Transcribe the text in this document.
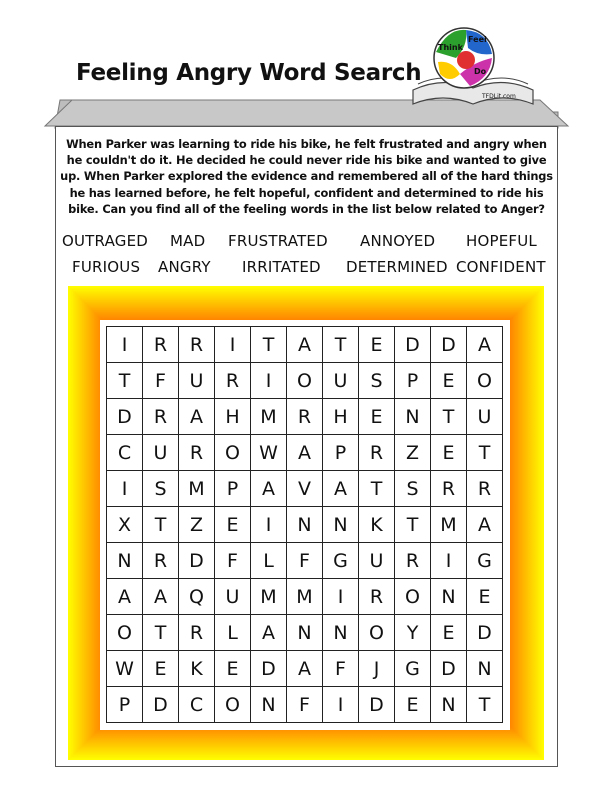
Feeling Angry Word Search
Think
Feel
Do
TFDLit.com
When Parker was learning to ride his bike, he felt frustrated and angry when he couldn't do it. He decided he could never ride his bike and wanted to give up. When Parker explored the evidence and remembered all of the hard things he has learned before, he felt hopeful, confident and determined to ride his bike. Can you find all of the feeling words in the list below related to Anger?
OUTRAGED MAD FRUSTRATED ANNOYED HOPEFUL
FURIOUS ANGRY IRRITATED DETERMINED CONFIDENT
I	R	R	I	T	A	T	E	D	D	A
T	F	U	R	I	O	U	S	P	E	O
D	R	A	H	M	R	H	E	N	T	U
C	U	R	O	W	A	P	R	Z	E	T
I	S	M	P	A	V	A	T	S	R	R
X	T	Z	E	I	N	N	K	T	M	A
N	R	D	F	L	F	G	U	R	I	G
A	A	Q	U	M	M	I	R	O	N	E
O	T	R	L	A	N	N	O	Y	E	D
W	E	K	E	D	A	F	J	G	D	N
P	D	C	O	N	F	I	D	E	N	T
